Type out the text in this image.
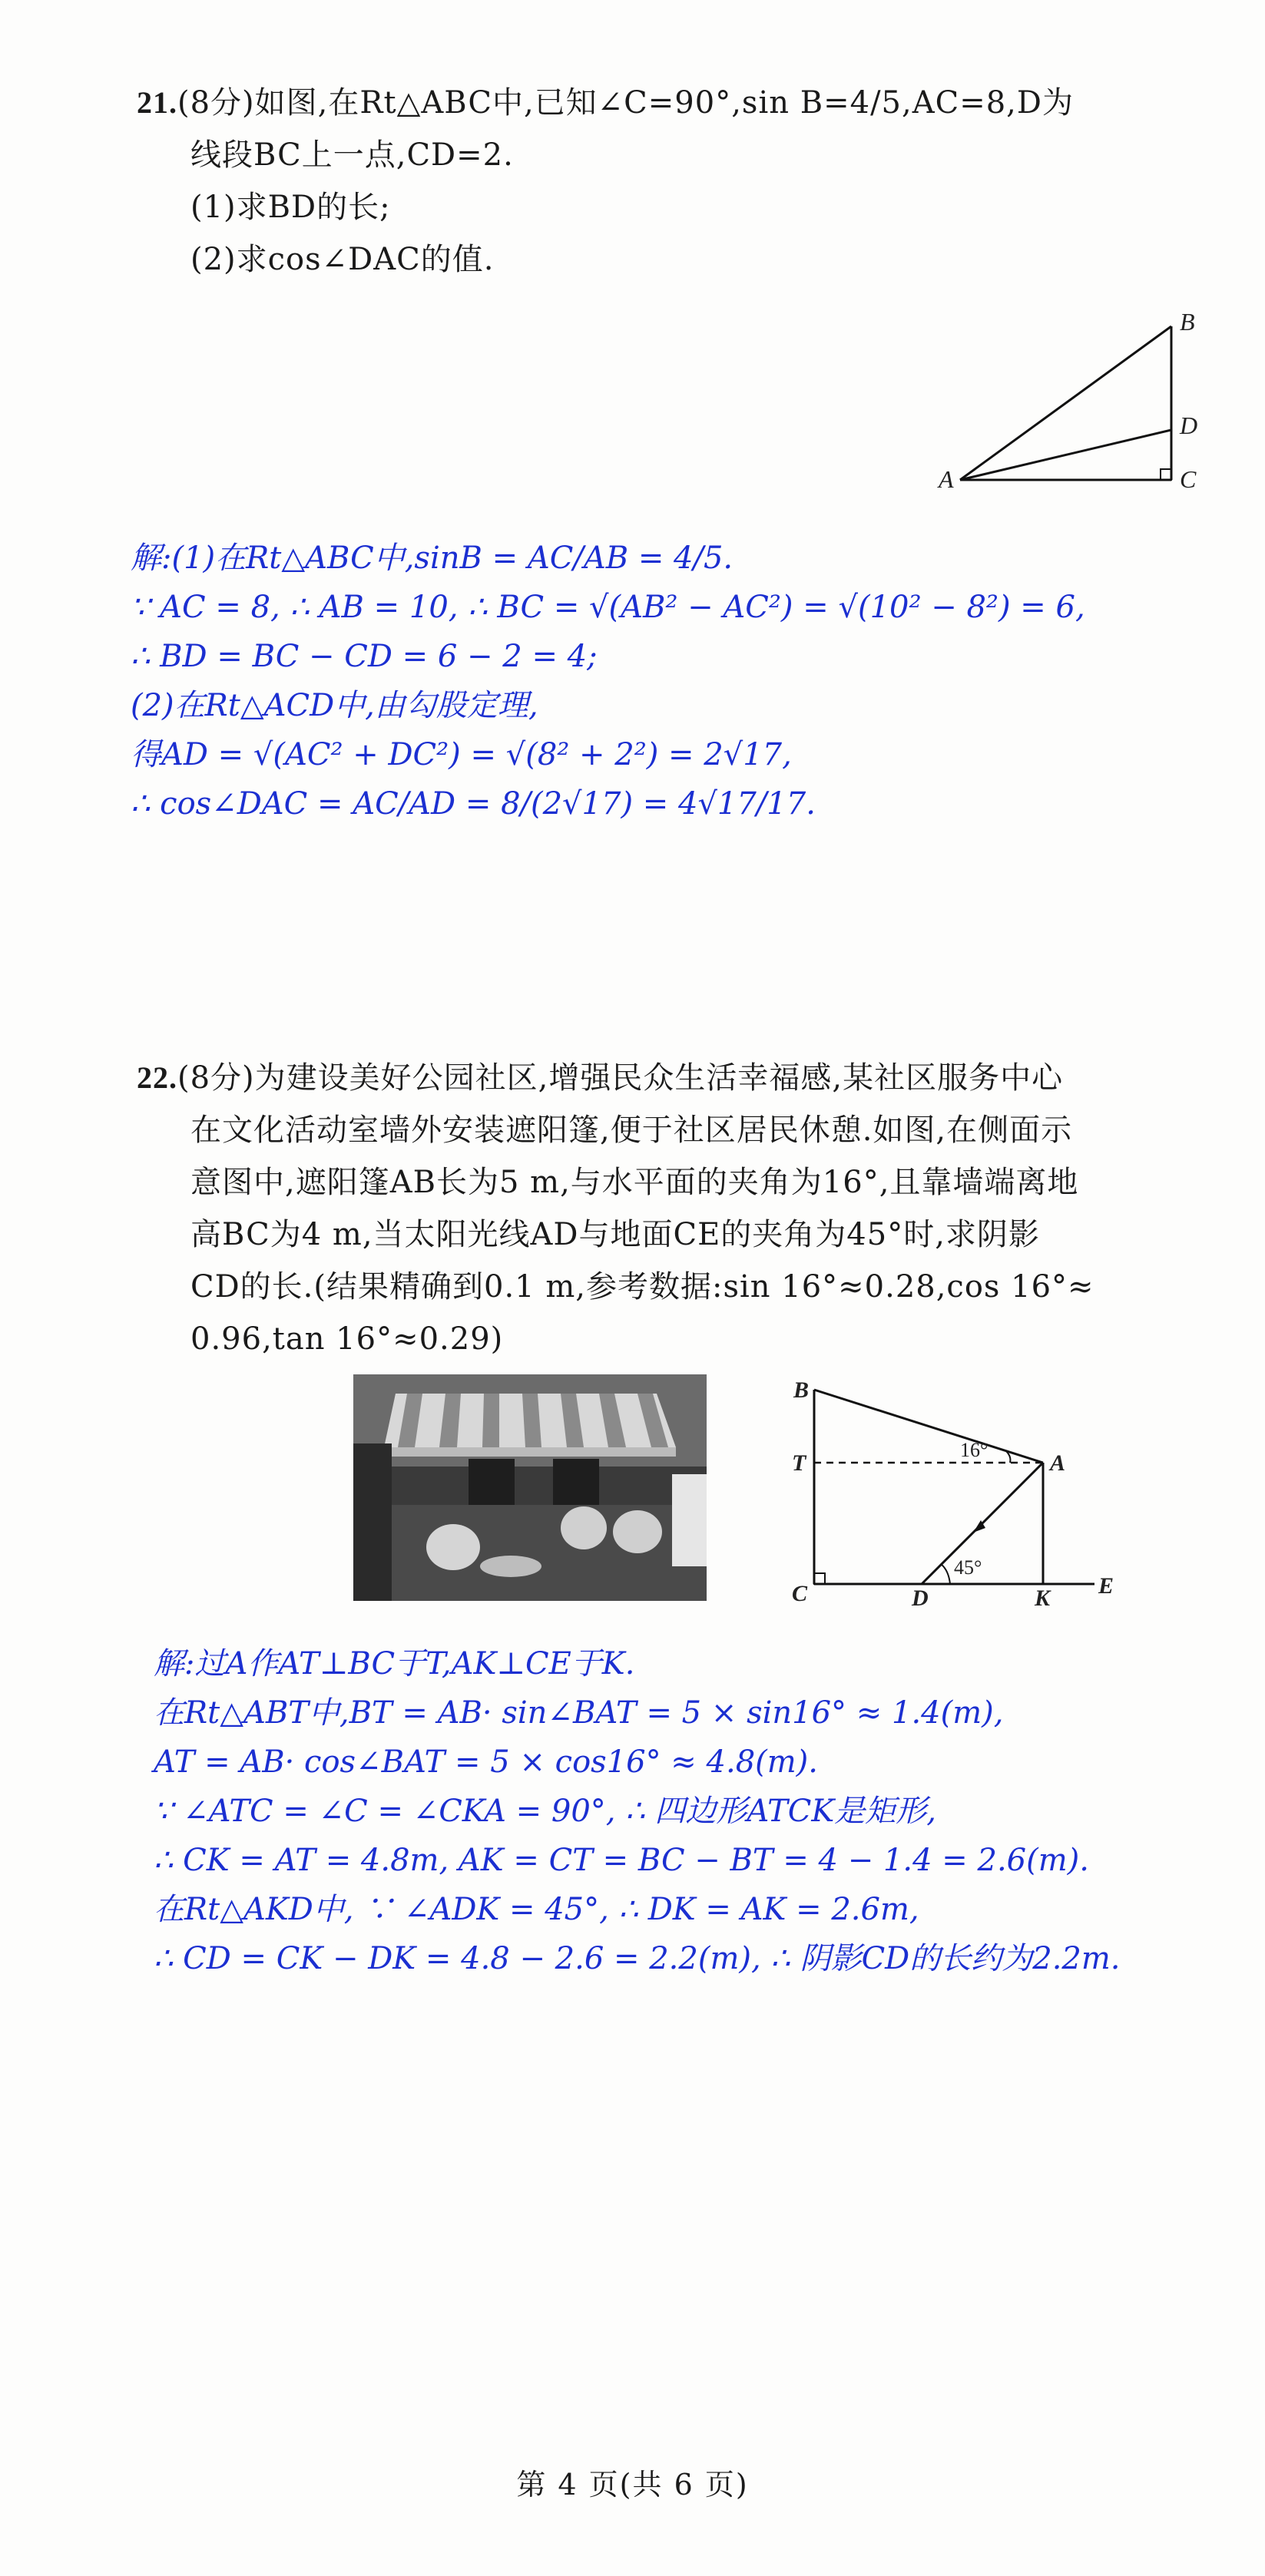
21.(8分)如图,在Rt△ABC中,已知∠C=90°,sin B=4/5,AC=8,D为
线段BC上一点,CD=2.
(1)求BD的长;
(2)求cos∠DAC的值.
A
B
D
C
解:(1)在Rt△ABC中,sinB = AC/AB = 4/5.
∵ AC = 8, ∴ AB = 10, ∴ BC = √(AB² − AC²) = √(10² − 8²) = 6,
∴ BD = BC − CD = 6 − 2 = 4;
(2)在Rt△ACD中,由勾股定理,
得AD = √(AC² + DC²) = √(8² + 2²) = 2√17,
∴ cos∠DAC = AC/AD = 8/(2√17) = 4√17/17.
22.(8分)为建设美好公园社区,增强民众生活幸福感,某社区服务中心
在文化活动室墙外安装遮阳篷,便于社区居民休憩.如图,在侧面示
意图中,遮阳篷AB长为5 m,与水平面的夹角为16°,且靠墙端离地
高BC为4 m,当太阳光线AD与地面CE的夹角为45°时,求阴影
CD的长.(结果精确到0.1 m,参考数据:sin 16°≈0.28,cos 16°≈
0.96,tan 16°≈0.29)
B
T	A
C	D	K E
16°
45°
解:过A作AT⊥BC于T,AK⊥CE于K.
在Rt△ABT中,BT = AB· sin∠BAT = 5 × sin16° ≈ 1.4(m),
AT = AB· cos∠BAT = 5 × cos16° ≈ 4.8(m).
∵ ∠ATC = ∠C = ∠CKA = 90°, ∴ 四边形ATCK是矩形,
∴ CK = AT = 4.8m, AK = CT = BC − BT = 4 − 1.4 = 2.6(m).
在Rt△AKD中, ∵ ∠ADK = 45°, ∴ DK = AK = 2.6m,
∴ CD = CK − DK = 4.8 − 2.6 = 2.2(m), ∴ 阴影CD的长约为2.2m.
第 4 页(共 6 页)
